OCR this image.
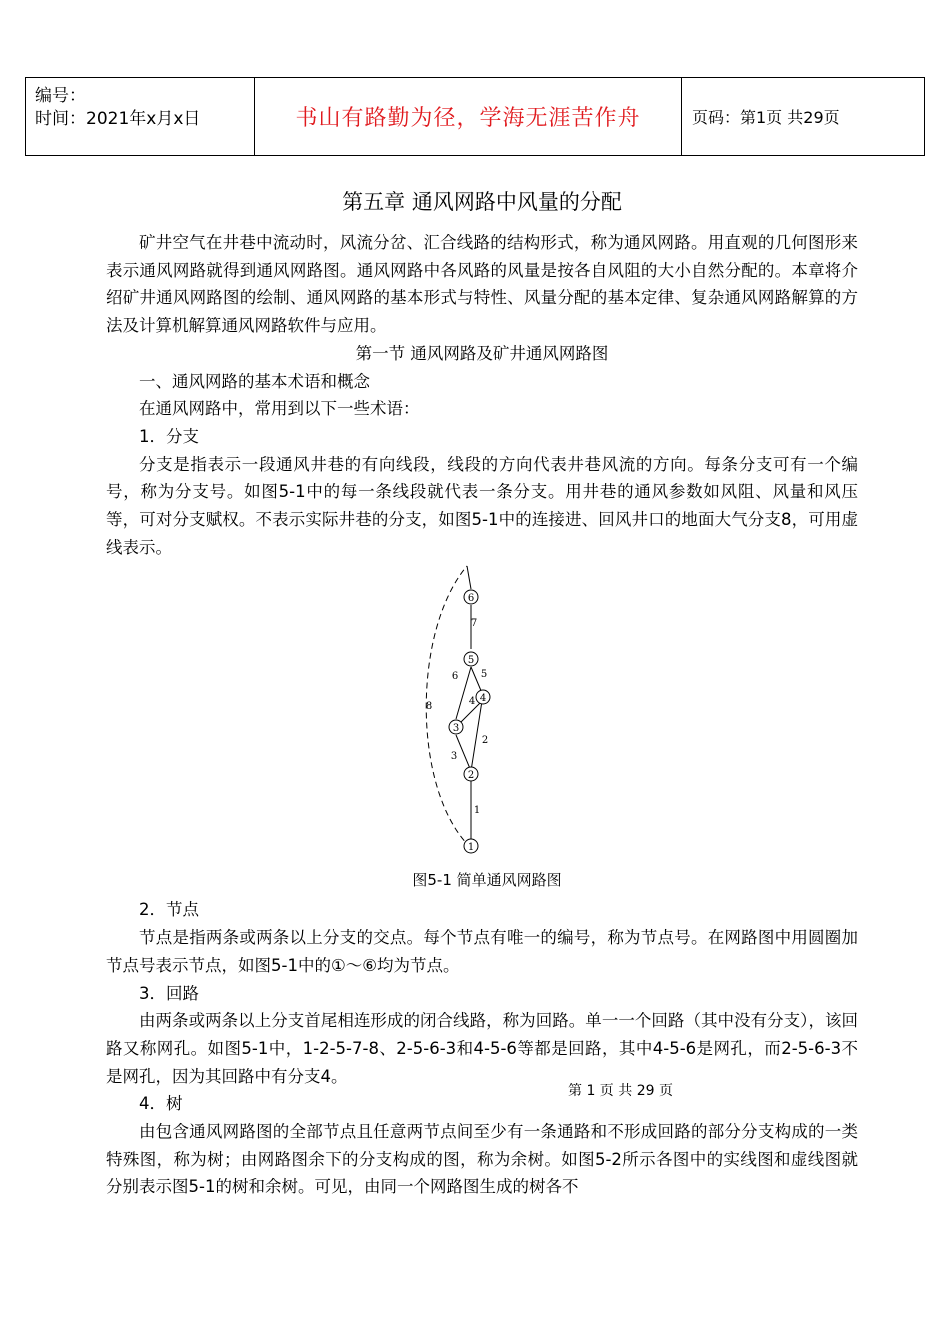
编号：
时间：2021年x月x日	书山有路勤为径，学海无涯苦作舟	页码：第1页 共29页
第五章 通风网路中风量的分配

矿井空气在井巷中流动时，风流分岔、汇合线路的结构形式，称为通风网路。用直观的几何图形来表示通风网路就得到通风网路图。通风网路中各风路的风量是按各自风阻的大小自然分配的。本章将介绍矿井通风网路图的绘制、通风网路的基本形式与特性、风量分配的基本定律、复杂通风网路解算的方法及计算机解算通风网路软件与应用。

第一节 通风网路及矿井通风网路图

一、通风网路的基本术语和概念

在通风网路中，常用到以下一些术语：

1．分支

分支是指表示一段通风井巷的有向线段，线段的方向代表井巷风流的方向。每条分支可有一个编号，称为分支号。如图5-1中的每一条线段就代表一条分支。用井巷的通风参数如风阻、风量和风压等，可对分支赋权。不表示实际井巷的分支，如图5-1中的连接进、回风井口的地面大气分支8，可用虚线表示。

6
5
4
3
2
1
1
2
3
4
5
6
7
8
图5-1 简单通风网路图

2．节点

节点是指两条或两条以上分支的交点。每个节点有唯一的编号，称为节点号。在网路图中用圆圈加节点号表示节点，如图5-1中的①～⑥均为节点。

3．回路

由两条或两条以上分支首尾相连形成的闭合线路，称为回路。单一一个回路（其中没有分支），该回路又称网孔。如图5-1中，1-2-5-7-8、2-5-6-3和4-5-6等都是回路，其中4-5-6是网孔，而2-5-6-3不是网孔，因为其回路中有分支4。

4．树

由包含通风网路图的全部节点且任意两节点间至少有一条通路和不形成回路的部分分支构成的一类特殊图，称为树；由网路图余下的分支构成的图，称为余树。如图5-2所示各图中的实线图和虚线图就分别表示图5-1的树和余树。可见，由同一个网路图生成的树各不

第 1 页 共 29 页
